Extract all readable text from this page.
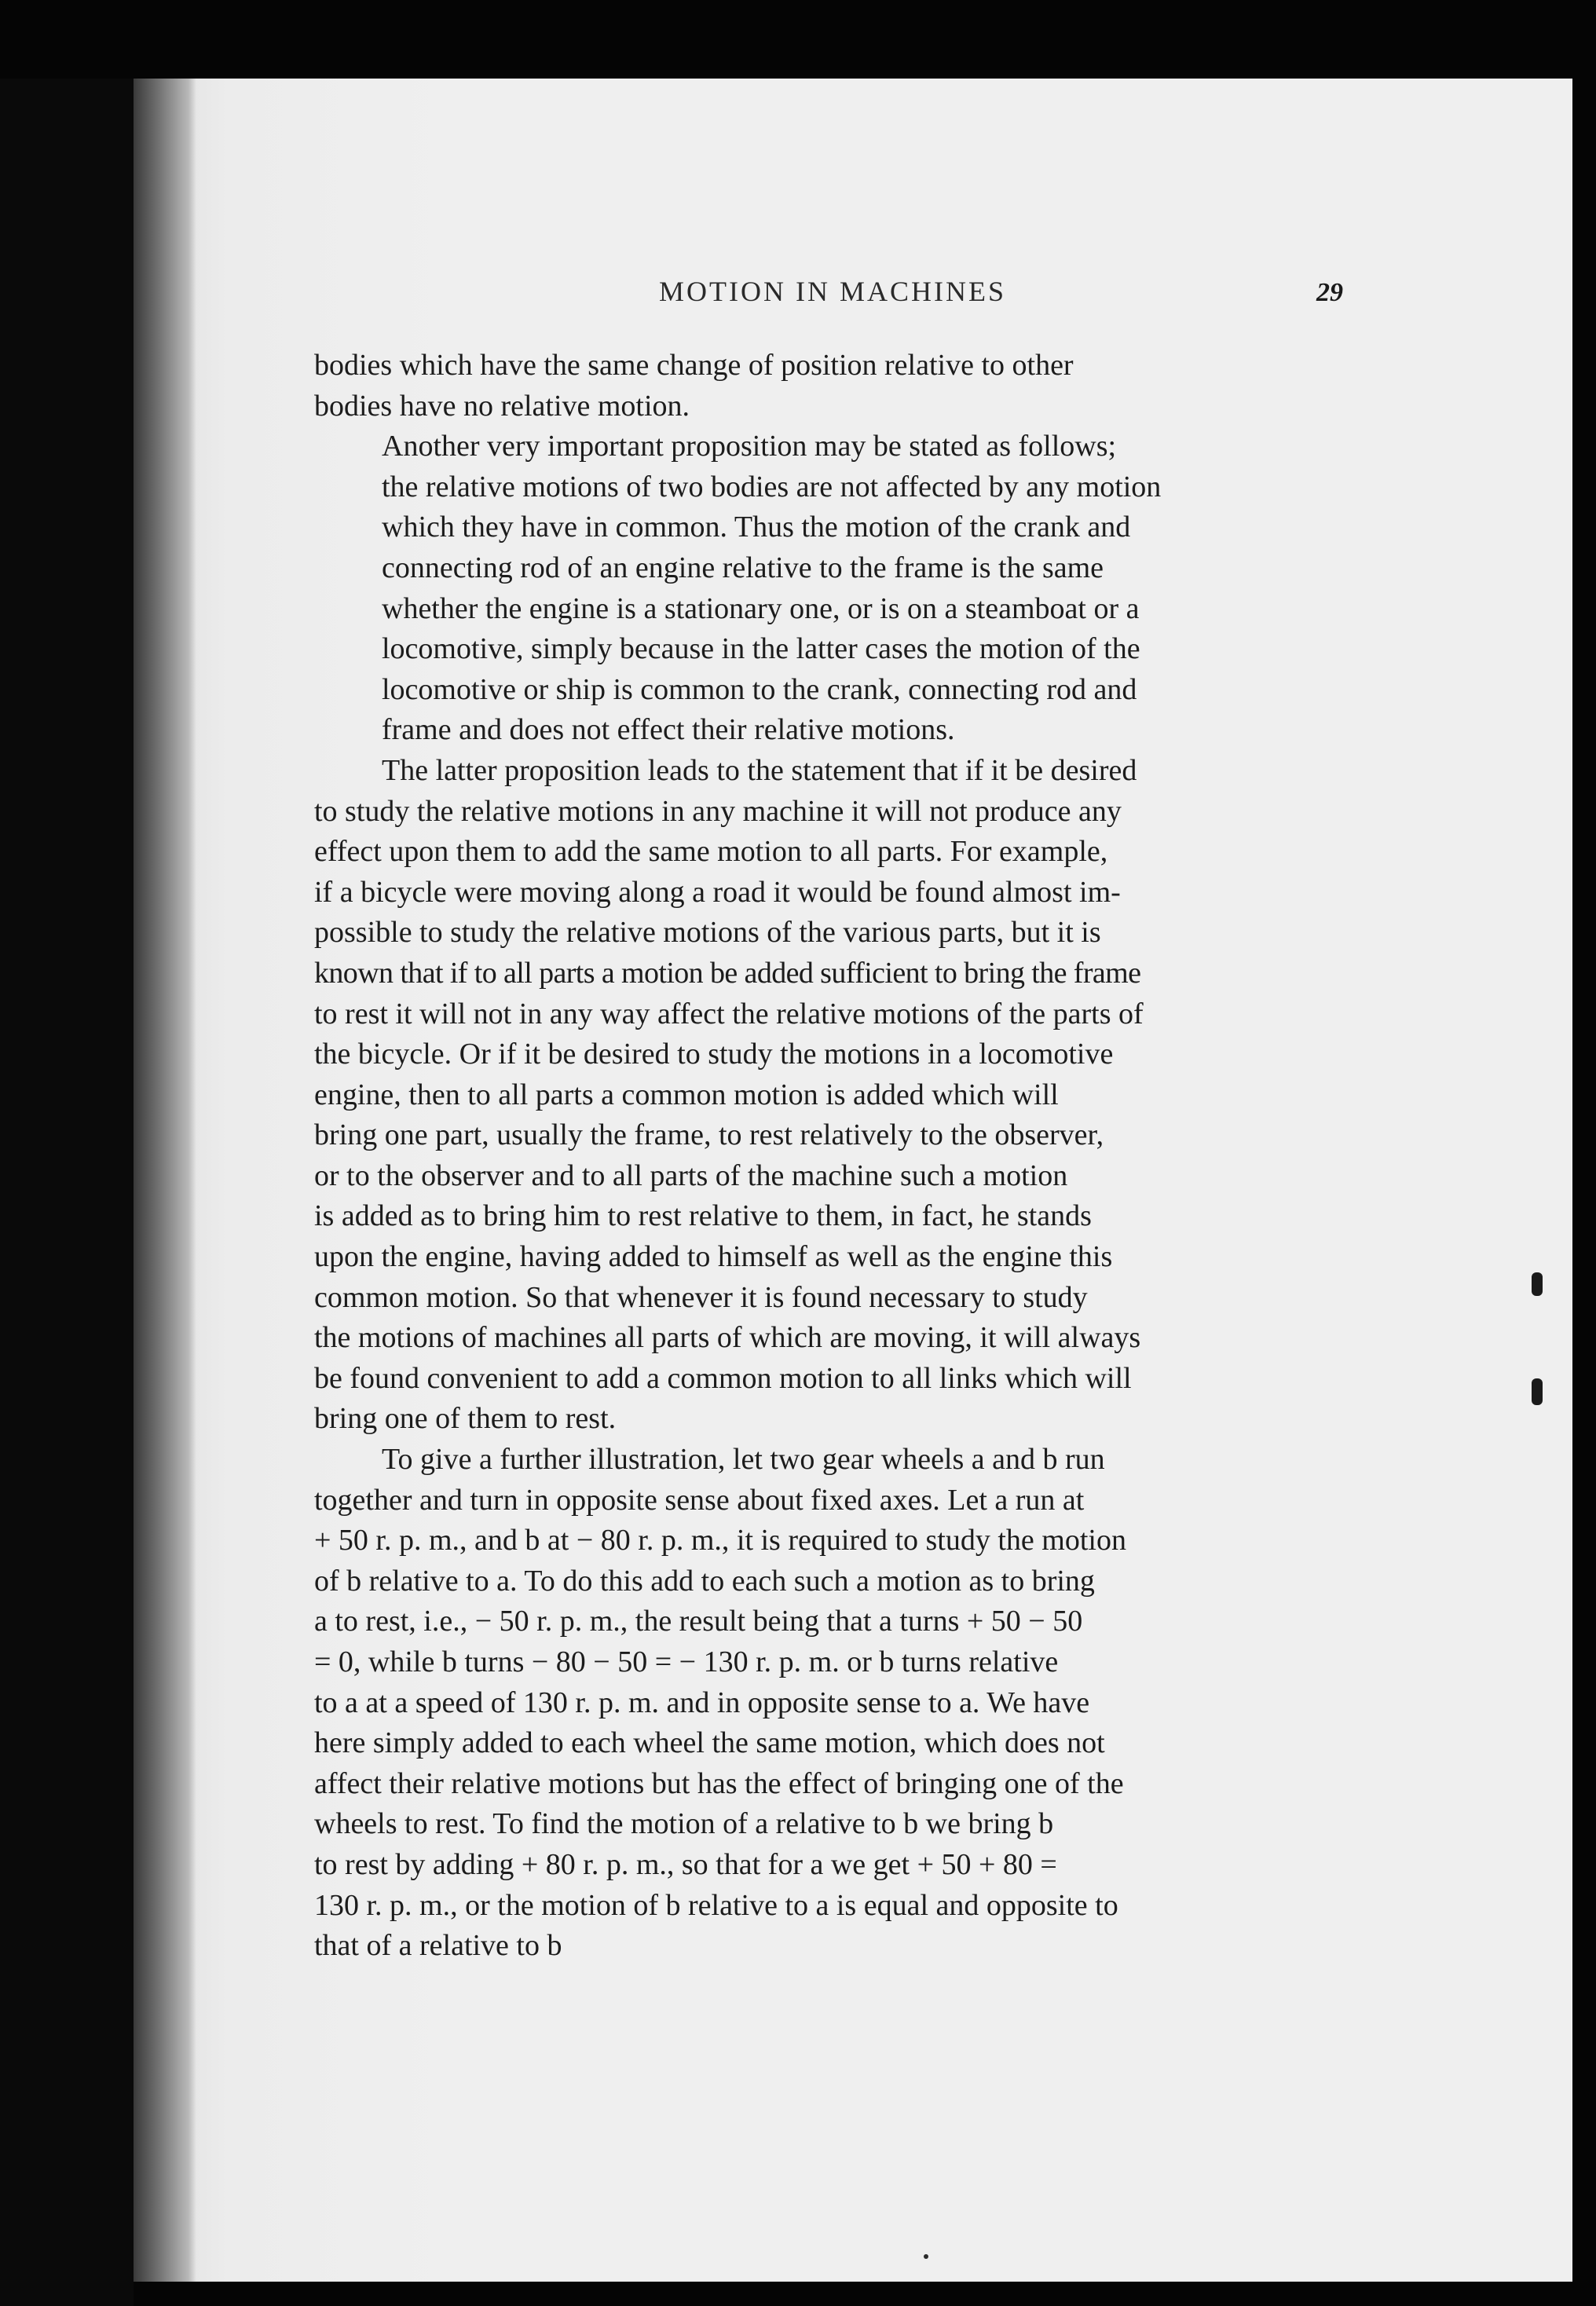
MOTION IN MACHINES	29

bodies which have the same change of position relative to other
bodies have no relative motion.

Another very important proposition may be stated as follows;
the relative motions of two bodies are not affected by any motion
which they have in common. Thus the motion of the crank and
connecting rod of an engine relative to the frame is the same
whether the engine is a stationary one, or is on a steamboat or a
locomotive, simply because in the latter cases the motion of the
locomotive or ship is common to the crank, connecting rod and
frame and does not effect their relative motions.

The latter proposition leads to the statement that if it be desired
to study the relative motions in any machine it will not produce any
effect upon them to add the same motion to all parts. For example,
if a bicycle were moving along a road it would be found almost im-
possible to study the relative motions of the various parts, but it is
known that if to all parts a motion be added sufficient to bring the frame
to rest it will not in any way affect the relative motions of the parts of
the bicycle. Or if it be desired to study the motions in a locomotive
engine, then to all parts a common motion is added which will
bring one part, usually the frame, to rest relatively to the observer,
or to the observer and to all parts of the machine such a motion
is added as to bring him to rest relative to them, in fact, he stands
upon the engine, having added to himself as well as the engine this
common motion. So that whenever it is found necessary to study
the motions of machines all parts of which are moving, it will always
be found convenient to add a common motion to all links which will
bring one of them to rest.

To give a further illustration, let two gear wheels a and b run
together and turn in opposite sense about fixed axes. Let a run at
+ 50 r. p. m., and b at − 80 r. p. m., it is required to study the motion
of b relative to a. To do this add to each such a motion as to bring
a to rest, i.e., − 50 r. p. m., the result being that a turns + 50 − 50
= 0, while b turns − 80 − 50 = − 130 r. p. m. or b turns relative
to a at a speed of 130 r. p. m. and in opposite sense to a. We have
here simply added to each wheel the same motion, which does not
affect their relative motions but has the effect of bringing one of the
wheels to rest. To find the motion of a relative to b we bring b
to rest by adding + 80 r. p. m., so that for a we get + 50 + 80 =
130 r. p. m., or the motion of b relative to a is equal and opposite to
that of a relative to b
